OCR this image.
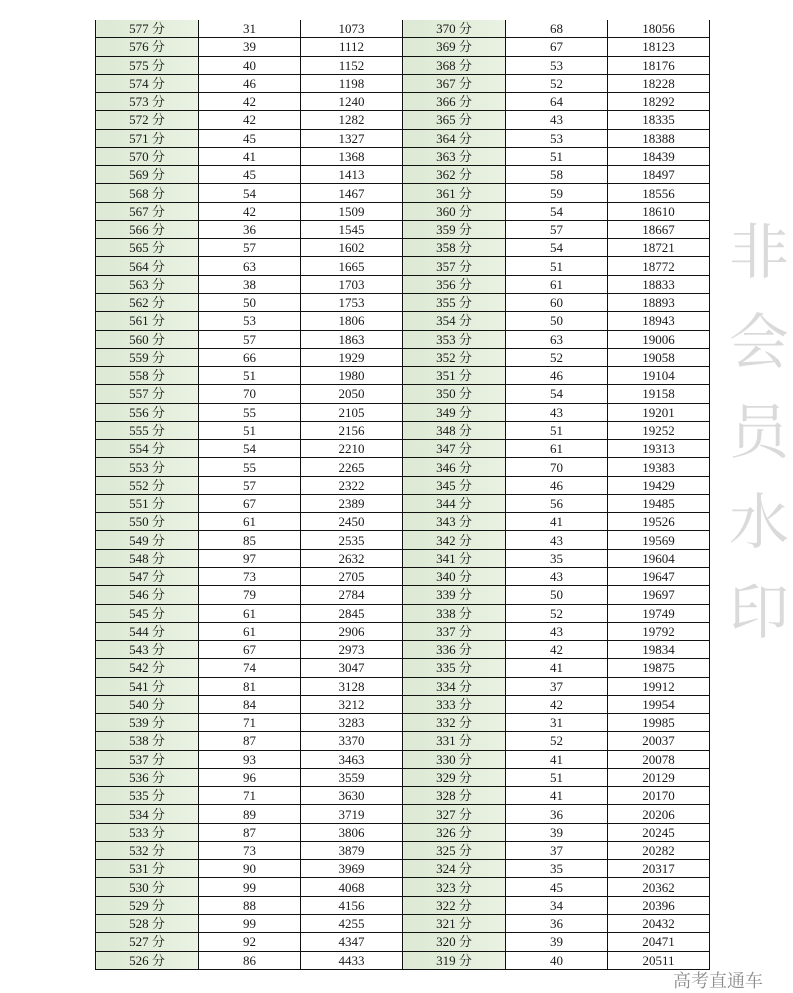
577 分	31	1073	370 分	68	18056
576 分	39	1112	369 分	67	18123
575 分	40	1152	368 分	53	18176
574 分	46	1198	367 分	52	18228
573 分	42	1240	366 分	64	18292
572 分	42	1282	365 分	43	18335
571 分	45	1327	364 分	53	18388
570 分	41	1368	363 分	51	18439
569 分	45	1413	362 分	58	18497
568 分	54	1467	361 分	59	18556
567 分	42	1509	360 分	54	18610
566 分	36	1545	359 分	57	18667
565 分	57	1602	358 分	54	18721
564 分	63	1665	357 分	51	18772
563 分	38	1703	356 分	61	18833
562 分	50	1753	355 分	60	18893
561 分	53	1806	354 分	50	18943
560 分	57	1863	353 分	63	19006
559 分	66	1929	352 分	52	19058
558 分	51	1980	351 分	46	19104
557 分	70	2050	350 分	54	19158
556 分	55	2105	349 分	43	19201
555 分	51	2156	348 分	51	19252
554 分	54	2210	347 分	61	19313
553 分	55	2265	346 分	70	19383
552 分	57	2322	345 分	46	19429
551 分	67	2389	344 分	56	19485
550 分	61	2450	343 分	41	19526
549 分	85	2535	342 分	43	19569
548 分	97	2632	341 分	35	19604
547 分	73	2705	340 分	43	19647
546 分	79	2784	339 分	50	19697
545 分	61	2845	338 分	52	19749
544 分	61	2906	337 分	43	19792
543 分	67	2973	336 分	42	19834
542 分	74	3047	335 分	41	19875
541 分	81	3128	334 分	37	19912
540 分	84	3212	333 分	42	19954
539 分	71	3283	332 分	31	19985
538 分	87	3370	331 分	52	20037
537 分	93	3463	330 分	41	20078
536 分	96	3559	329 分	51	20129
535 分	71	3630	328 分	41	20170
534 分	89	3719	327 分	36	20206
533 分	87	3806	326 分	39	20245
532 分	73	3879	325 分	37	20282
531 分	90	3969	324 分	35	20317
530 分	99	4068	323 分	45	20362
529 分	88	4156	322 分	34	20396
528 分	99	4255	321 分	36	20432
527 分	92	4347	320 分	39	20471
526 分	86	4433	319 分	40	20511
非会员水印
高考直通车
